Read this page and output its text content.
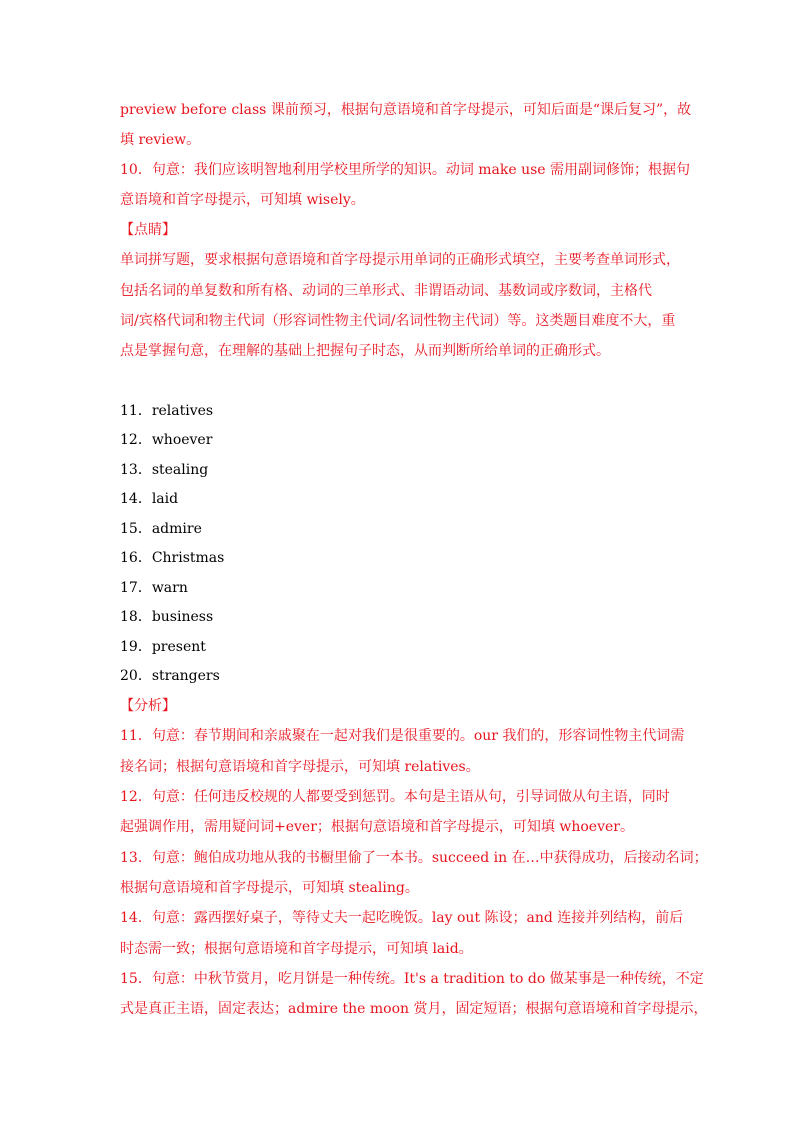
preview before class 课前预习，根据句意语境和首字母提示，可知后面是“课后复习”，故
填 review。
10．句意：我们应该明智地利用学校里所学的知识。动词 make use 需用副词修饰；根据句
意语境和首字母提示，可知填 wisely。
【点睛】
单词拼写题，要求根据句意语境和首字母提示用单词的正确形式填空，主要考查单词形式，
包括名词的单复数和所有格、动词的三单形式、非谓语动词、基数词或序数词，主格代
词/宾格代词和物主代词（形容词性物主代词/名词性物主代词）等。这类题目难度不大，重
点是掌握句意，在理解的基础上把握句子时态，从而判断所给单词的正确形式。
11．relatives
12．whoever
13．stealing
14．laid
15．admire
16．Christmas
17．warn
18．business
19．present
20．strangers
【分析】
11．句意：春节期间和亲戚聚在一起对我们是很重要的。our 我们的，形容词性物主代词需
接名词；根据句意语境和首字母提示，可知填 relatives。
12．句意：任何违反校规的人都要受到惩罚。本句是主语从句，引导词做从句主语，同时
起强调作用，需用疑问词+ever；根据句意语境和首字母提示，可知填 whoever。
13．句意：鲍伯成功地从我的书橱里偷了一本书。succeed in 在…中获得成功，后接动名词；
根据句意语境和首字母提示，可知填 stealing。
14．句意：露西摆好桌子，等待丈夫一起吃晚饭。lay out 陈设；and 连接并列结构，前后
时态需一致；根据句意语境和首字母提示，可知填 laid。
15．句意：中秋节赏月，吃月饼是一种传统。It's a tradition to do 做某事是一种传统，不定
式是真正主语，固定表达；admire the moon 赏月，固定短语；根据句意语境和首字母提示，
